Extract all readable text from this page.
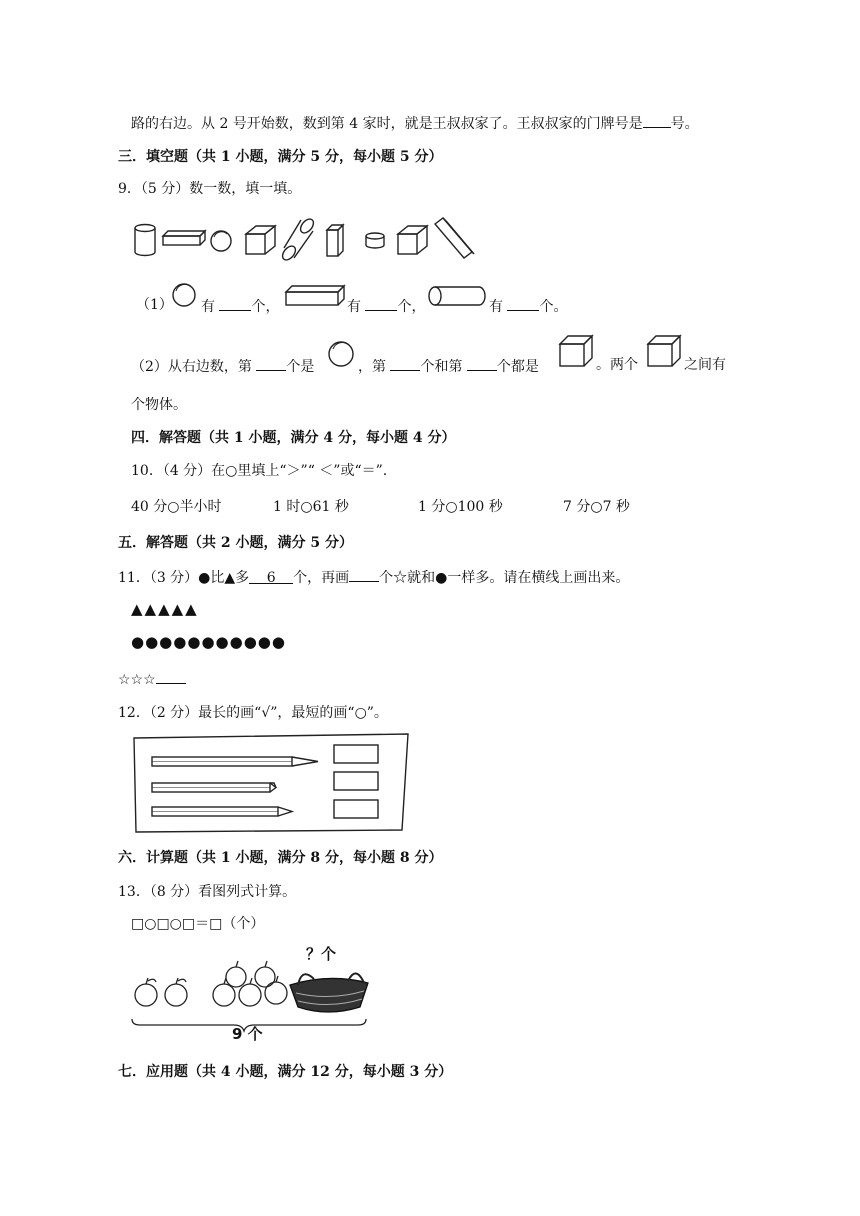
路的右边。从 2 号开始数，数到第 4 家时，就是王叔叔家了。王叔叔家的门牌号是 号。
三．填空题（共 1 小题，满分 5 分，每小题 5 分）
9．（5 分）数一数，填一填。
（1） 有	个，	有	个，	有	个。
（2）从右边数，第 个是	，第 个和第 个都是	。两个	之间有
个物体。
四．解答题（共 1 小题，满分 4 分，每小题 4 分）
10．（4 分）在○里填上“＞”“ ＜”或“＝”.
40 分○半小时	1 时○61 秒	1 分○100 秒	7 分○7 秒
五．解答题（共 2 小题，满分 5 分）
11．（3 分）●比▲多 6 个，再画 个☆就和●一样多。请在横线上画出来。
▲▲▲▲▲
●●●●●●●●●●●
☆☆☆
12．（2 分）最长的画“√”，最短的画“○”。
六．计算题（共 1 小题，满分 8 分，每小题 8 分）
13．（8 分）看图列式计算。
□○□○□＝□（个）
？个
9 个
七．应用题（共 4 小题，满分 12 分，每小题 3 分）
